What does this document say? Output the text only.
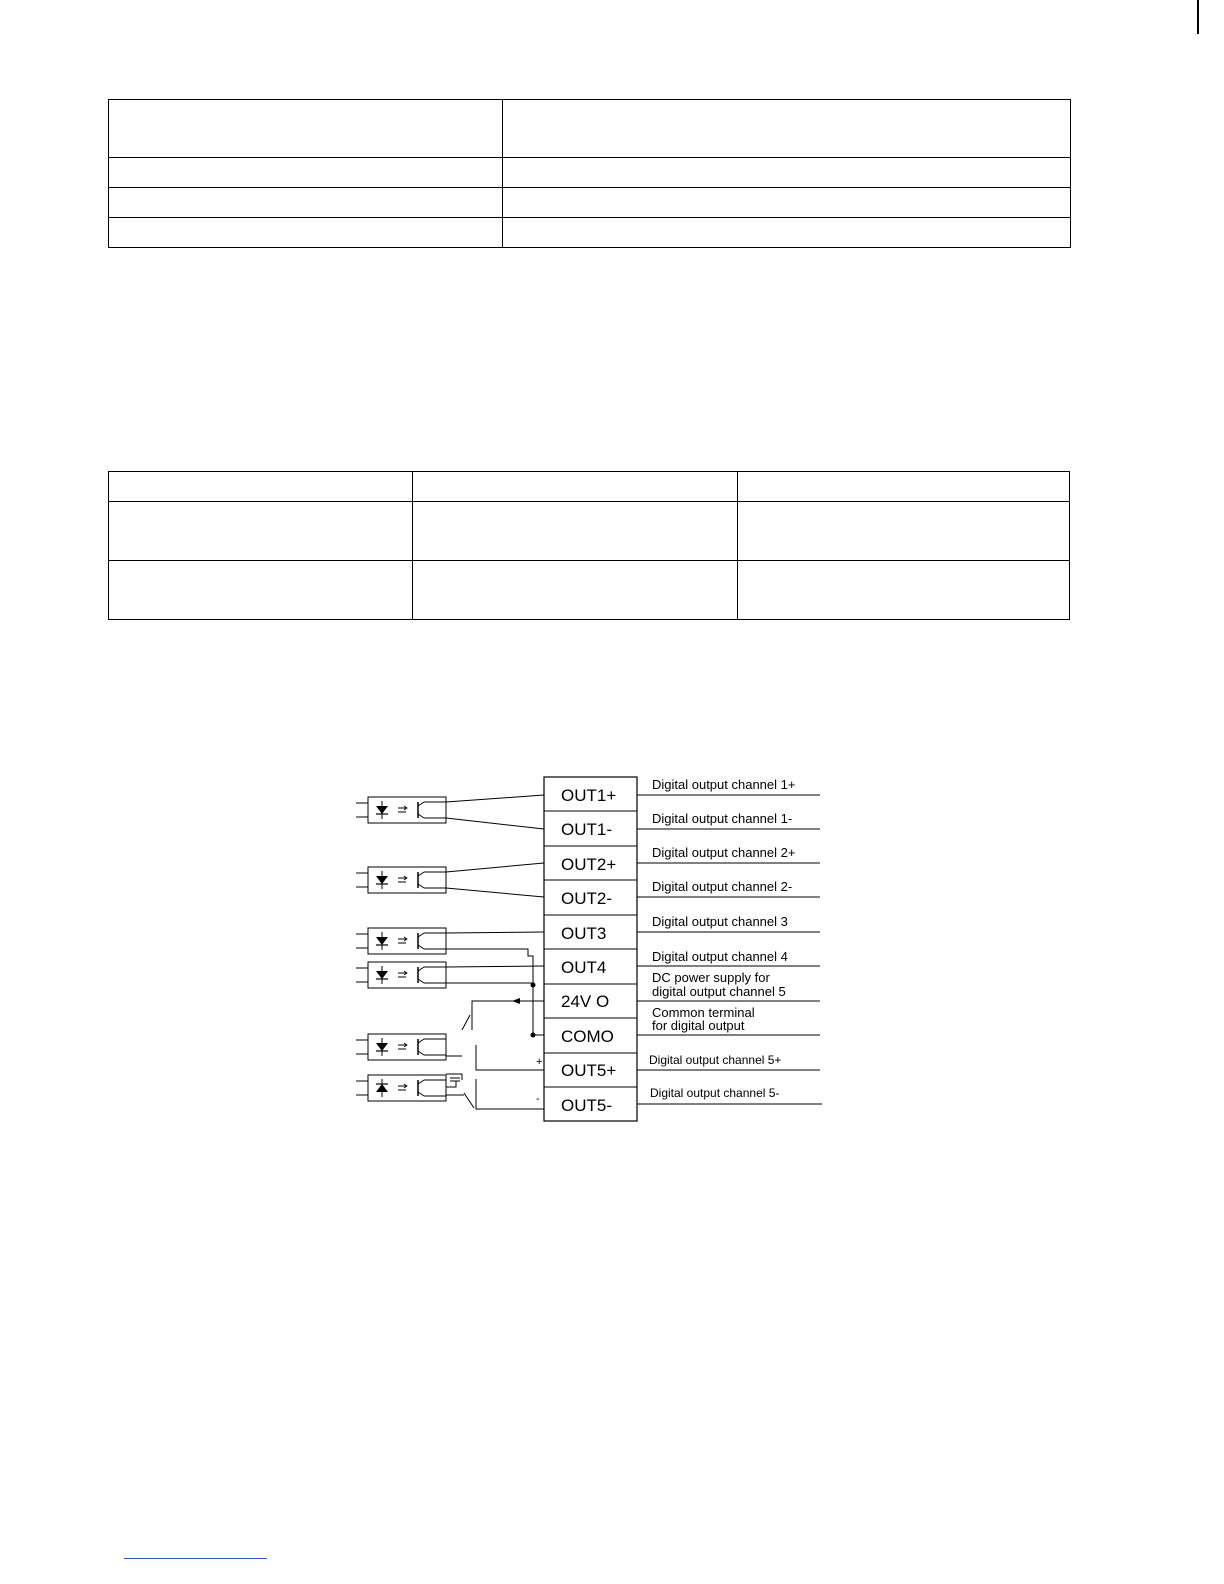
OUT1+
OUT1-
OUT2+
OUT2-
OUT3
OUT4
24V O
COMO
OUT5+
OUT5-
Digital output channel 1+
Digital output channel 1-
Digital output channel 2+
Digital output channel 2-
Digital output channel 3
Digital output channel 4
DC power supply for
digital output channel 5
Common terminal
for digital output
Digital output channel 5+
Digital output channel 5-
+
-
